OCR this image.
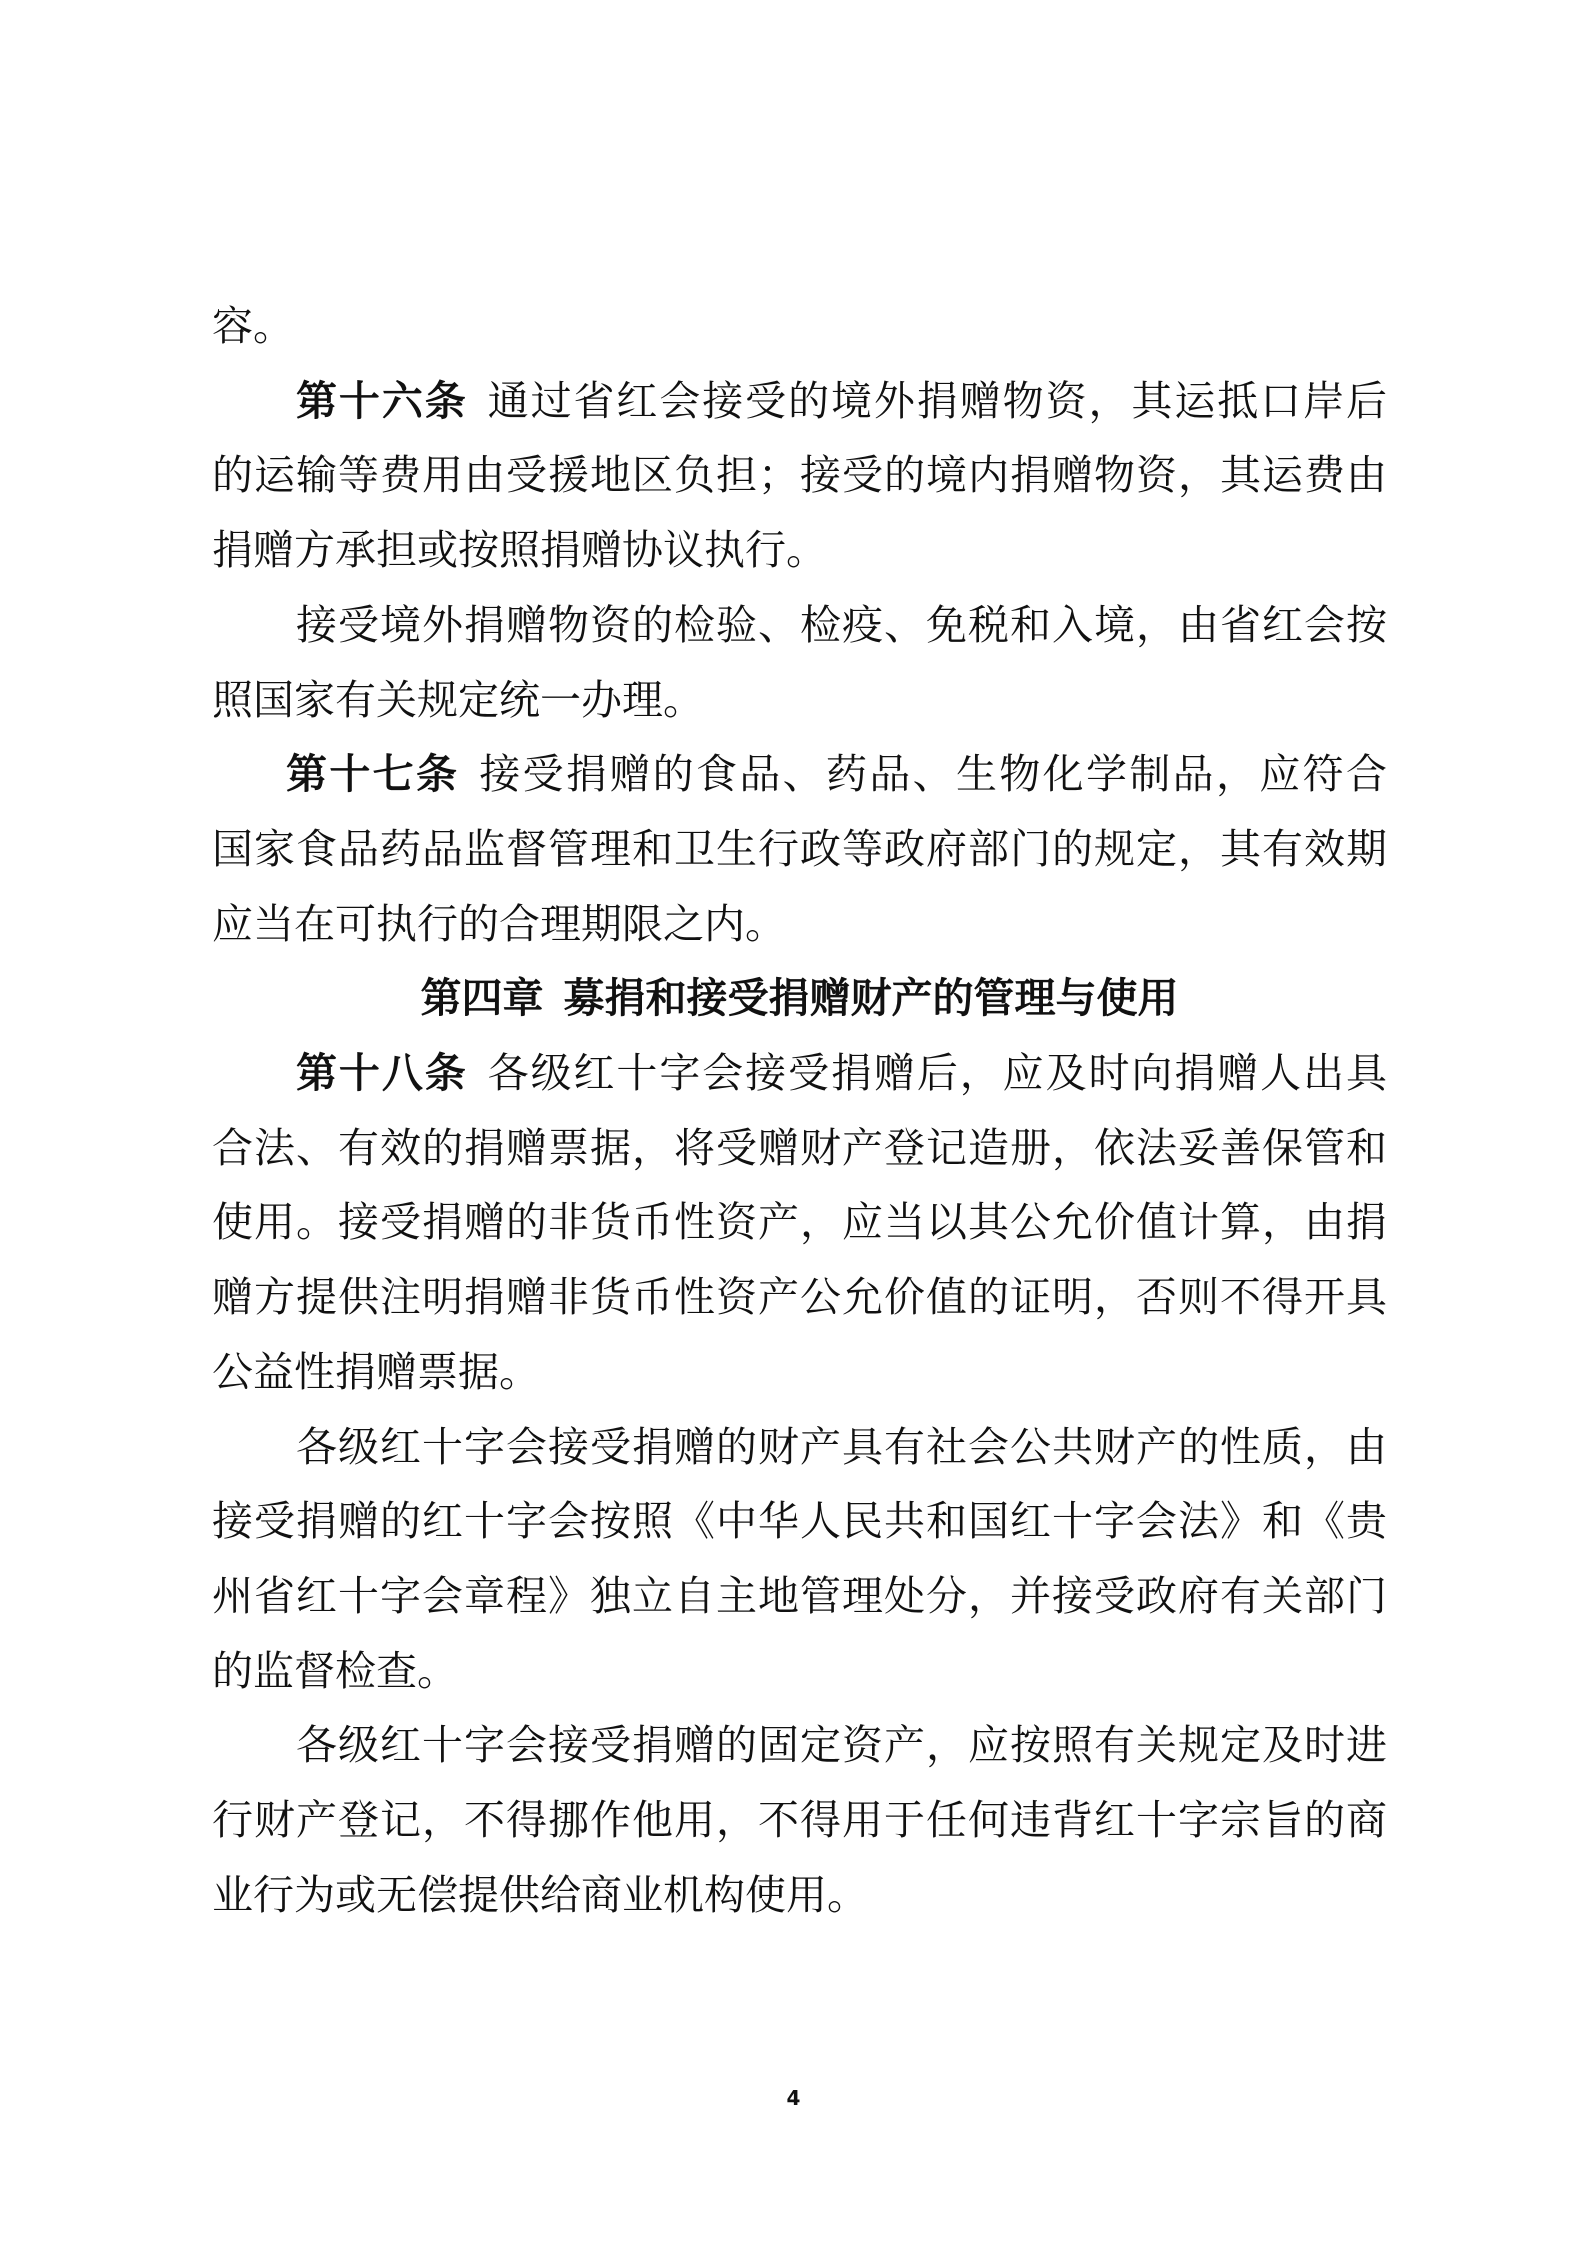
容。
第十六条 通过省红会接受的境外捐赠物资，其运抵口岸后
的运输等费用由受援地区负担；接受的境内捐赠物资，其运费由
捐赠方承担或按照捐赠协议执行。
接受境外捐赠物资的检验、检疫、免税和入境，由省红会按
照国家有关规定统一办理。
第十七条 接受捐赠的食品、药品、生物化学制品，应符合
国家食品药品监督管理和卫生行政等政府部门的规定，其有效期
应当在可执行的合理期限之内。
第四章 募捐和接受捐赠财产的管理与使用
第十八条 各级红十字会接受捐赠后，应及时向捐赠人出具
合法、有效的捐赠票据，将受赠财产登记造册，依法妥善保管和
使用。接受捐赠的非货币性资产，应当以其公允价值计算，由捐
赠方提供注明捐赠非货币性资产公允价值的证明，否则不得开具
公益性捐赠票据。
各级红十字会接受捐赠的财产具有社会公共财产的性质，由
接受捐赠的红十字会按照《中华人民共和国红十字会法》和《贵
州省红十字会章程》独立自主地管理处分，并接受政府有关部门
的监督检查。
各级红十字会接受捐赠的固定资产，应按照有关规定及时进
行财产登记，不得挪作他用，不得用于任何违背红十字宗旨的商
业行为或无偿提供给商业机构使用。
4
